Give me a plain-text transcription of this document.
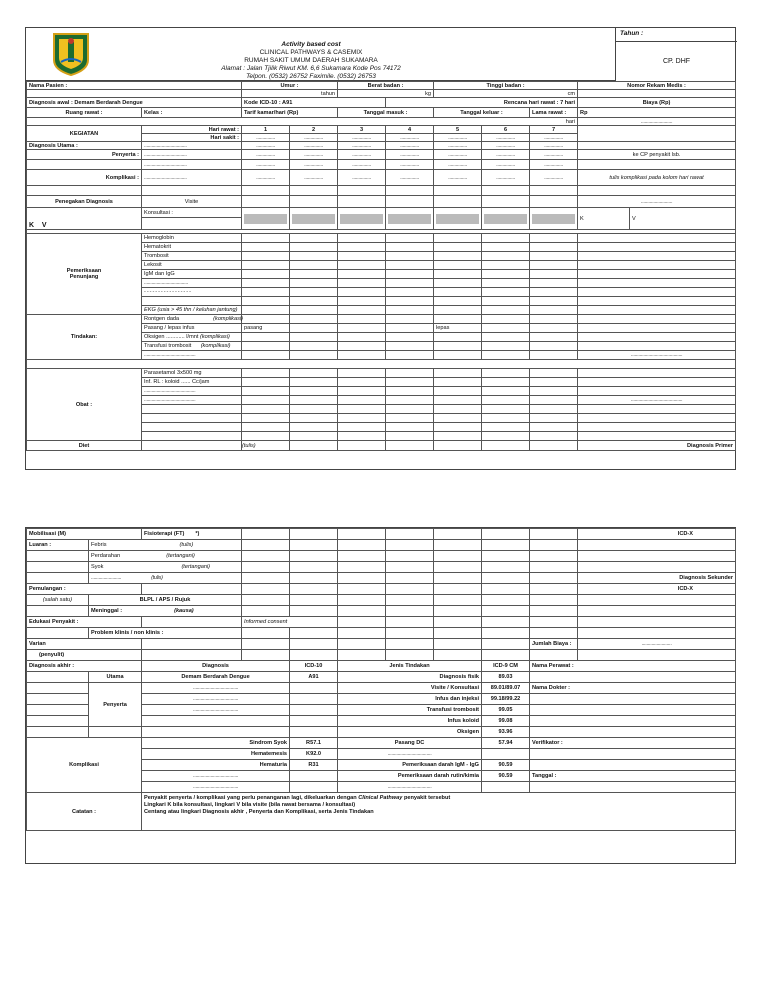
Activity based cost
CLINICAL PATHWAYS & CASEMIX
RUMAH SAKIT UMUM DAERAH SUKAMARA
Alamat : Jalan Tjilik Riwut KM. 6,6 Sukamara Kode Pos 74172
Telpon. (0532) 26752 Faximile. (0532) 26753
Tahun :
CP. DHF
Nama Pasien :		Umur :		Berat badan :		Tinggi badan :			Nomor Rekam Medis :	
		tahun		kg		cm				
Diagnosis awal : Demam Berdarah Dengue		Kode ICD-10 : A91			Rencana hari rawat : 7 hari				Biaya (Rp)	
Ruang rawat :	Kelas :	Tarif kamar/hari (Rp)		Tanggal masuk :		Tanggal keluar :		Lama rawat :	Rp	
hari									.........................	
KEGIATAN	Hari rawat :	1	2	3	4	5	6	7		
	Hari sakit :	...............	...............	...............	...............	...............	...............	...............		
Diagnosis Utama :	..................................	...............	...............	...............	...............	...............	...............	...............		
Penyerta :	..................................	...............	...............	...............	...............	...............	...............	...............	ke CP penyakit lsb.	
	..................................	...............	...............	...............	...............	...............	...............	...............		
Komplikasi :	..................................	...............	...............	...............	...............	...............	...............	...............	tulis komplikasi pada kolom hari rawat	

Penegakan Diagnosis	Visite								.........................	
K V	Konsultasi :								K	V

Pemeriksaan
Penunjang	Hemoglobin									
	Hematokrit									
	Trombosit									
	Lekosit									
	IgM dan IgG									
	...................................									
	- - - - - - - - - - - - - - - - -									

	EKG (usia > 45 thn / keluhan jantung)									
Tindakan:	Rontgen dada (komplikasi)									
	Pasang / lepas infus	pasang				lepas				
	Oksigen ............ l/mnt (komplikasi)									
	Transfusi trombosit (komplikasi)									
	.........................................								.........................................	

Obat :	Parasetamol 3x500 mg									
	Inf. RL : koloid ...... Cc/jam									
	.........................................									
	.........................................								.........................................	

Diet	(tulis)								Diagnosis Primer	
Mobilisasi (M)		Fisioterapi (FT) *)								ICD-X
Luaran :	Febris (tulis)									

	Perdarahan (tertangani)									

	Syok (tertangani)									

	........................ (tulis)									Diagnosis Sekunder
Pemulangan :										ICD-X
(salah satu)	BLPL / APS / Rujuk									
	Meninggal : (kausa)									

Edukasi Penyakit :			Informed consent							
	Problem klinis / non klinis :									
Varian									Jumlah Biaya :	........................
(penyulit)										
Diagnosis akhir :		Diagnosis		ICD-10	Jenis Tindakan			ICD-9 CM	Nama Perawat :	
	Utama	Demam Berdarah Dengue		A91	Diagnosis fisik			89.03		
	Penyerta	....................................			Visite / Konsultasi			89.01/89.07	Nama Dokter :	
		....................................			Infus dan injeksi			99.18/99.22		
		....................................			Transfusi trombosit			99.05		
					Infus koloid			99.08		
					Oksigen			93.96		
Komplikasi		Sindrom Syok		R57.1	Pasang DC			57.94	Verifikator :	
		Hematemesis		K92.0	...................................					
		Hematuria		R31	Pemeriksaan darah IgM - IgG			90.59		
		....................................			Pemeriksaan darah rutin/kimia			90.59	Tanggal :	
		....................................			...................................					
Catatan :		Penyakit penyerta / komplikasi yang perlu penanganan lagi, dikeluarkan dengan Clinical Pathway penyakit tersebut
Lingkari K bila konsultasi, lingkari V bila visite (bila rawat bersama / konsultasi)
Centang atau lingkari Diagnosis akhir , Penyerta dan Komplikasi, serta Jenis Tindakan								
